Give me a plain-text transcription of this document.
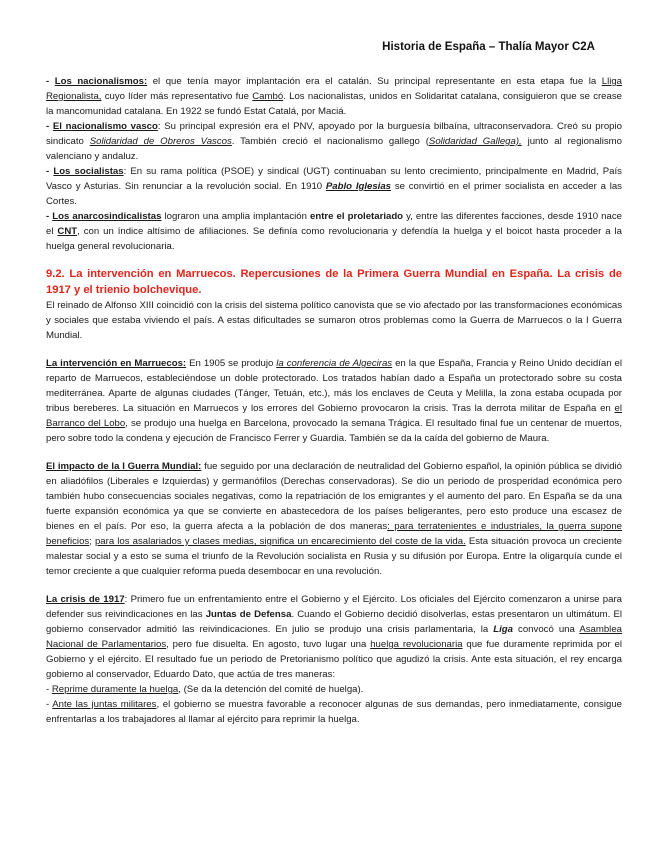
Historia de España – Thalía Mayor C2A

- Los nacionalismos: el que tenía mayor implantación era el catalán. Su principal representante en esta etapa fue la Lliga Regionalista, cuyo líder más representativo fue Cambó. Los nacionalistas, unidos en Solidaritat catalana, consiguieron que se crease la mancomunidad catalana. En 1922 se fundó Estat Catalá, por Maciá.

- El nacionalismo vasco: Su principal expresión era el PNV, apoyado por la burguesía bilbaína, ultraconservadora. Creó su propio sindicato Solidaridad de Obreros Vascos. También creció el nacionalismo gallego (Solidaridad Gallega), junto al regionalismo valenciano y andaluz.

- Los socialistas: En su rama política (PSOE) y sindical (UGT) continuaban su lento crecimiento, principalmente en Madrid, País Vasco y Asturias. Sin renunciar a la revolución social. En 1910 Pablo Iglesias se convirtió en el primer socialista en acceder a las Cortes.

- Los anarcosindicalistas lograron una amplia implantación entre el proletariado y, entre las diferentes facciones, desde 1910 nace el CNT, con un índice altísimo de afiliaciones. Se definía como revolucionaria y defendía la huelga y el boicot hasta proceder a la huelga general revolucionaria.

9.2. La intervención en Marruecos. Repercusiones de la Primera Guerra Mundial en España. La crisis de 1917 y el trienio bolchevique.

El reinado de Alfonso XIII coincidió con la crisis del sistema político canovista que se vio afectado por las transformaciones económicas y sociales que estaba viviendo el país. A estas dificultades se sumaron otros problemas como la Guerra de Marruecos o la I Guerra Mundial.

La intervención en Marruecos: En 1905 se produjo la conferencia de Algeciras en la que España, Francia y Reino Unido decidían el reparto de Marruecos, estableciéndose un doble protectorado. Los tratados habían dado a España un protectorado sobre su costa mediterránea. Aparte de algunas ciudades (Tánger, Tetuán, etc.), más los enclaves de Ceuta y Melilla, la zona estaba ocupada por tribus bereberes. La situación en Marruecos y los errores del Gobierno provocaron la crisis. Tras la derrota militar de España en el Barranco del Lobo, se produjo una huelga en Barcelona, provocado la semana Trágica. El resultado final fue un centenar de muertos, pero sobre todo la condena y ejecución de Francisco Ferrer y Guardia. También se da la caída del gobierno de Maura.

El impacto de la I Guerra Mundial: fue seguido por una declaración de neutralidad del Gobierno español, la opinión pública se dividió en aliadófilos (Liberales e Izquierdas) y germanófilos (Derechas conservadoras). Se dio un periodo de prosperidad económica pero también hubo consecuencias sociales negativas, como la repatriación de los emigrantes y el aumento del paro. En España se da una fuerte expansión económica ya que se convierte en abastecedora de los países beligerantes, pero esto produce una escasez de bienes en el país. Por eso, la guerra afecta a la población de dos maneras: para terratenientes e industriales, la guerra supone beneficios; para los asalariados y clases medias, significa un encarecimiento del coste de la vida. Esta situación provoca un creciente malestar social y a esto se suma el triunfo de la Revolución socialista en Rusia y su difusión por Europa. Entre la oligarquía cunde el temor creciente a que cualquier reforma pueda desembocar en una revolución.

La crisis de 1917: Primero fue un enfrentamiento entre el Gobierno y el Ejército. Los oficiales del Ejército comenzaron a unirse para defender sus reivindicaciones en las Juntas de Defensa. Cuando el Gobierno decidió disolverlas, estas presentaron un ultimátum. El gobierno conservador admitió las reivindicaciones. En julio se produjo una crisis parlamentaria, la Liga convocó una Asamblea Nacional de Parlamentarios, pero fue disuelta. En agosto, tuvo lugar una huelga revolucionaria que fue duramente reprimida por el Gobierno y el ejército. El resultado fue un periodo de Pretorianismo político que agudizó la crisis. Ante esta situación, el rey encarga gobierno al conservador, Eduardo Dato, que actúa de tres maneras:

- Reprime duramente la huelga, (Se da la detención del comité de huelga).

- Ante las juntas militares, el gobierno se muestra favorable a reconocer algunas de sus demandas, pero inmediatamente, consigue enfrentarlas a los trabajadores al llamar al ejército para reprimir la huelga.
